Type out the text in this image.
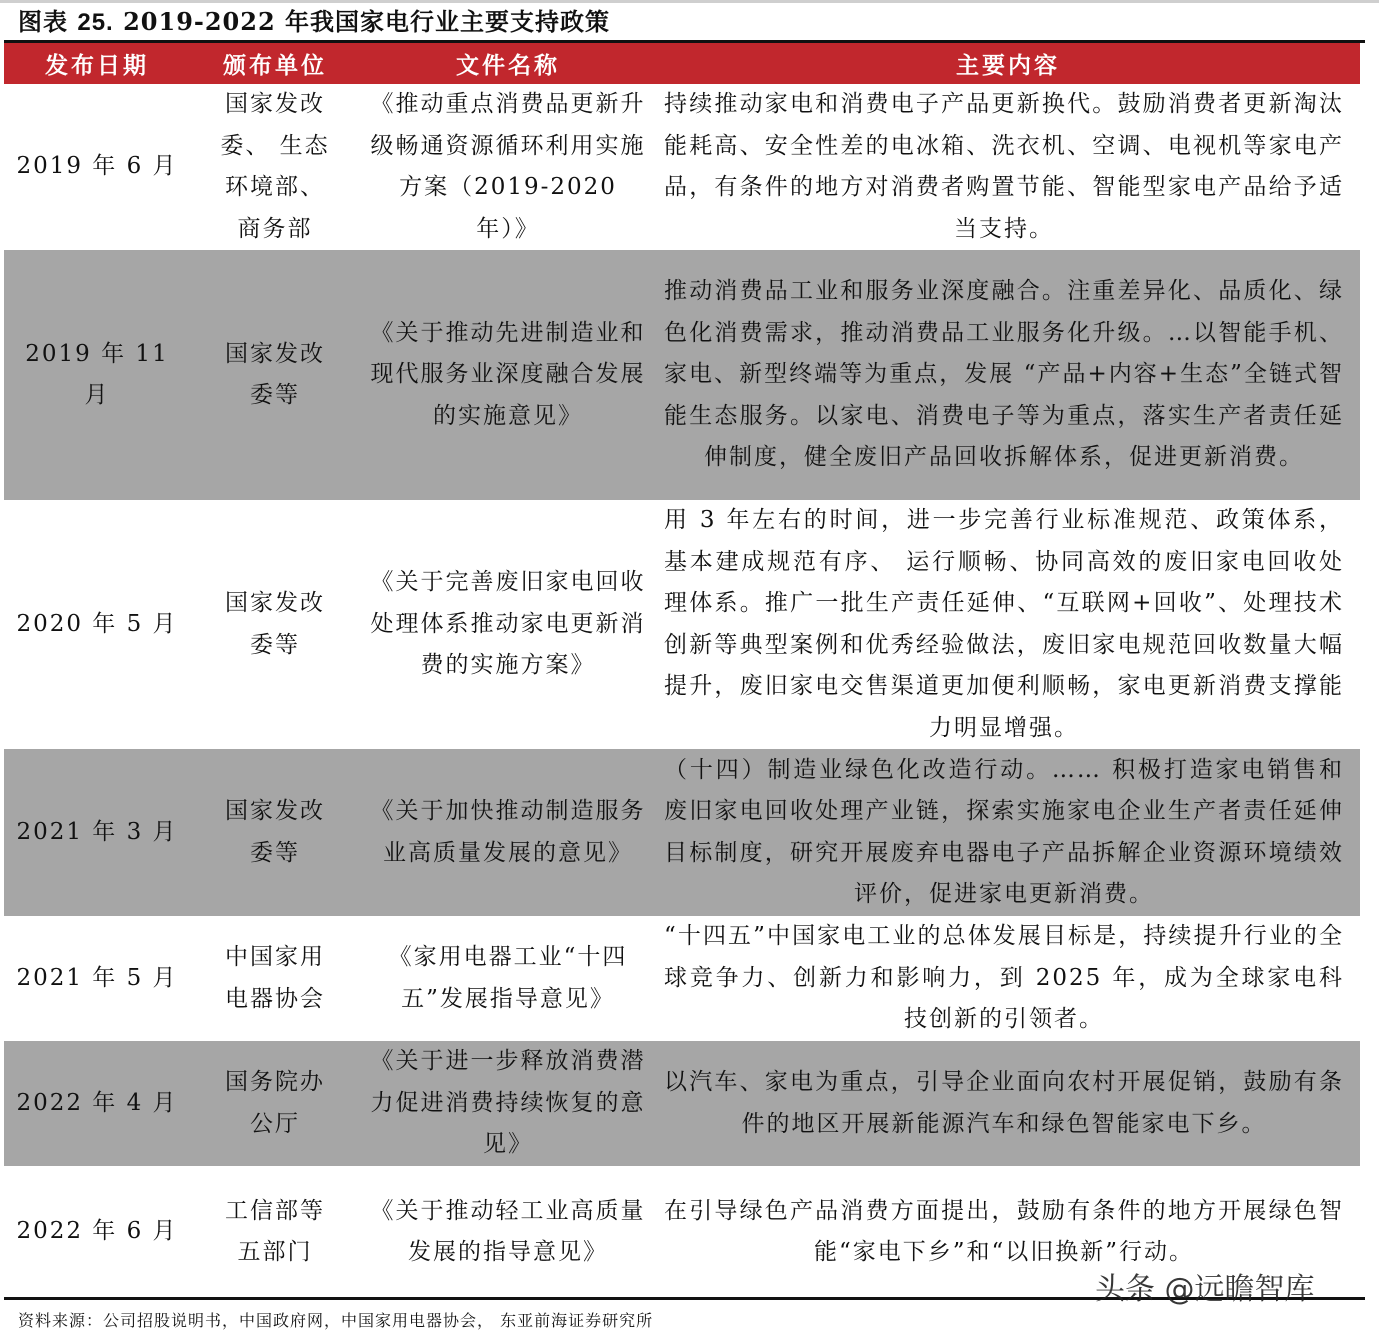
图表 25. 2019-2022 年我国家电行业主要支持政策
发布日期	颁布单位	文件名称	主要内容
2019 年 6 月	国家发改委、 生态环境部、商务部	《推动重点消费品更新升级畅通资源循环利用实施方案（2019-2020 年）》	持续推动家电和消费电子产品更新换代。鼓励消费者更新淘汰能耗高、安全性差的电冰箱、洗衣机、空调、电视机等家电产品，有条件的地方对消费者购置节能、智能型家电产品给予适当支持。
2019 年 11 月	国家发改委等	《关于推动先进制造业和现代服务业深度融合发展的实施意见》	推动消费品工业和服务业深度融合。注重差异化、品质化、绿色化消费需求，推动消费品工业服务化升级。…以智能手机、家电、新型终端等为重点，发展 “产品+内容+生态”全链式智能生态服务。以家电、消费电子等为重点，落实生产者责任延伸制度，健全废旧产品回收拆解体系，促进更新消费。
2020 年 5 月	国家发改委等	《关于完善废旧家电回收处理体系推动家电更新消费的实施方案》	用 3 年左右的时间，进一步完善行业标准规范、政策体系，基本建成规范有序、 运行顺畅、协同高效的废旧家电回收处理体系。推广一批生产责任延伸、“互联网+回收”、处理技术创新等典型案例和优秀经验做法，废旧家电规范回收数量大幅提升，废旧家电交售渠道更加便利顺畅，家电更新消费支撑能力明显增强。
2021 年 3 月	国家发改委等	《关于加快推动制造服务业高质量发展的意见》	（十四）制造业绿色化改造行动。…… 积极打造家电销售和废旧家电回收处理产业链，探索实施家电企业生产者责任延伸目标制度，研究开展废弃电器电子产品拆解企业资源环境绩效评价，促进家电更新消费。
2021 年 5 月	中国家用电器协会	《家用电器工业“十四五”发展指导意见》	“十四五”中国家电工业的总体发展目标是，持续提升行业的全球竞争力、创新力和影响力，到 2025 年，成为全球家电科技创新的引领者。
2022 年 4 月	国务院办公厅	《关于进一步释放消费潜力促进消费持续恢复的意见》	以汽车、家电为重点，引导企业面向农村开展促销，鼓励有条件的地区开展新能源汽车和绿色智能家电下乡。
2022 年 6 月	工信部等五部门	《关于推动轻工业高质量发展的指导意见》	在引导绿色产品消费方面提出，鼓励有条件的地方开展绿色智能“家电下乡”和“以旧换新”行动。
资料来源：公司招股说明书，中国政府网，中国家用电器协会， 东亚前海证券研究所
头条 @远瞻智库
